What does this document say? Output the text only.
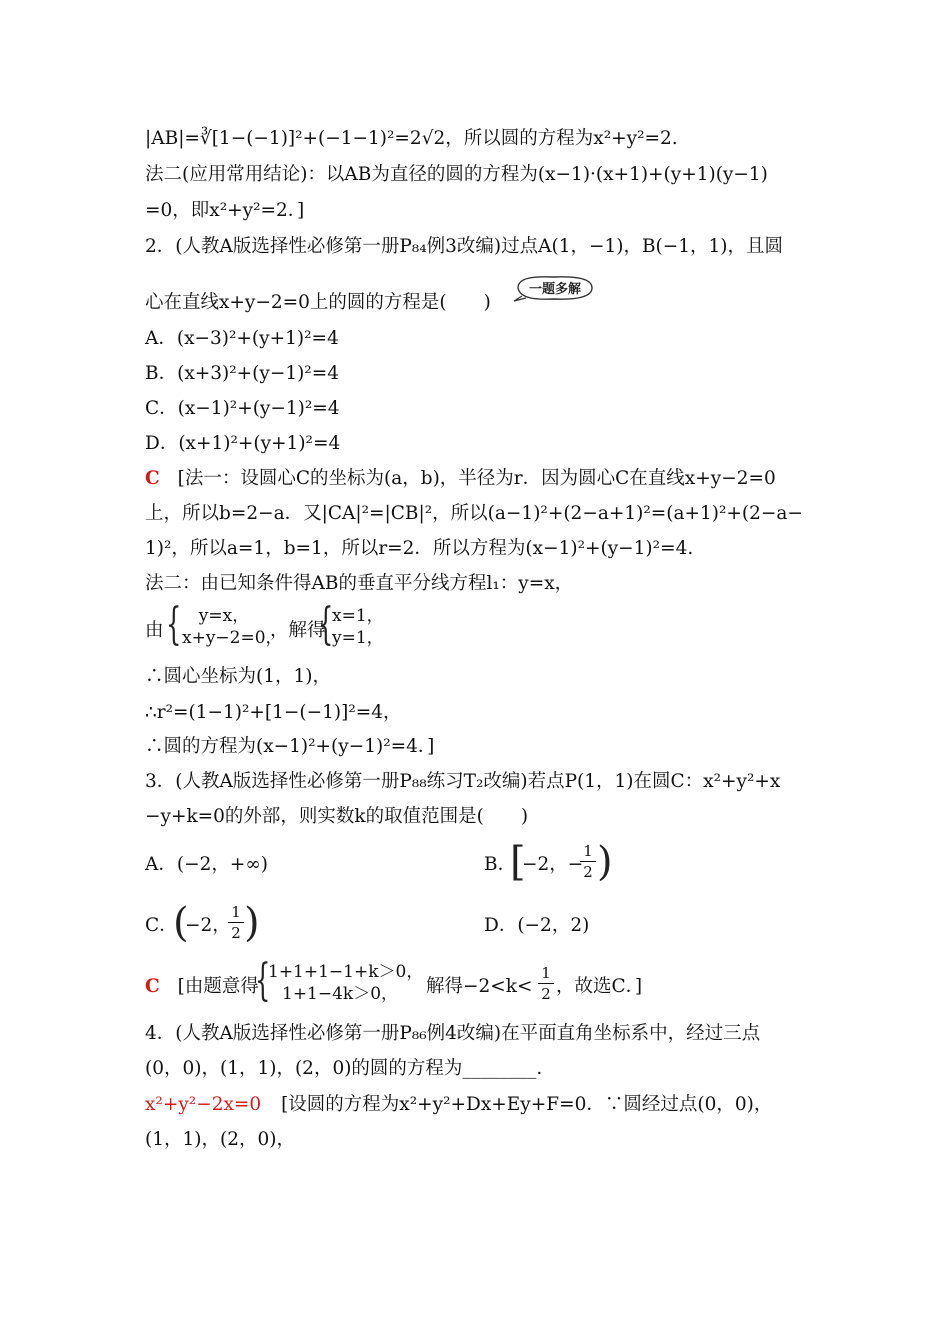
|AB|=∛[1−(−1)]²+(−1−1)²=2√2，所以圆的方程为x²+y²=2.
法二(应用常用结论)：以AB为直径的圆的方程为(x−1)·(x+1)+(y+1)(y−1)
=0，即x²+y²=2．]
2．(人教A版选择性必修第一册P₈₄例3改编)过点A(1，−1)，B(−1，1)，且圆
心在直线x+y−2=0上的圆的方程是(　　)
一题多解
A．(x−3)²+(y+1)²=4
B．(x+3)²+(y−1)²=4
C．(x−1)²+(y−1)²=4
D．(x+1)²+(y+1)²=4
C [法一：设圆心C的坐标为(a，b)，半径为r．因为圆心C在直线x+y−2=0
上，所以b=2−a．又|CA|²=|CB|²，所以(a−1)²+(2−a+1)²=(a+1)²+(2−a−
1)²，所以a=1，b=1，所以r=2．所以方程为(x−1)²+(y−1)²=4.
法二：由已知条件得AB的垂直平分线方程l₁：y=x，
由 {	y=x，
x+y−2=0，
，解得
{
x=1，
y=1，
∴圆心坐标为(1，1)，
∴r²=(1−1)²+[1−(−1)]²=4，
∴圆的方程为(x−1)²+(y−1)²=4．]
3．(人教A版选择性必修第一册P₈₈练习T₂改编)若点P(1，1)在圆C：x²+y²+x
−y+k=0的外部，则实数k的取值范围是(　　)
A．(−2，+∞)	B．
[
−2，−
1
2 )
C．
(
−2，
1
2 )	D．(−2，2)
C [由题意得
{
1+1+1−1+k＞0，
1+1−4k＞0，	解得−2<k<
1
2 ，故选C．]
4．(人教A版选择性必修第一册P₈₆例4改编)在平面直角坐标系中，经过三点
(0，0)，(1，1)，(2，0)的圆的方程为________.
x²+y²−2x=0 [设圆的方程为x²+y²+Dx+Ey+F=0．∵圆经过点(0，0)，
(1，1)，(2，0)，
